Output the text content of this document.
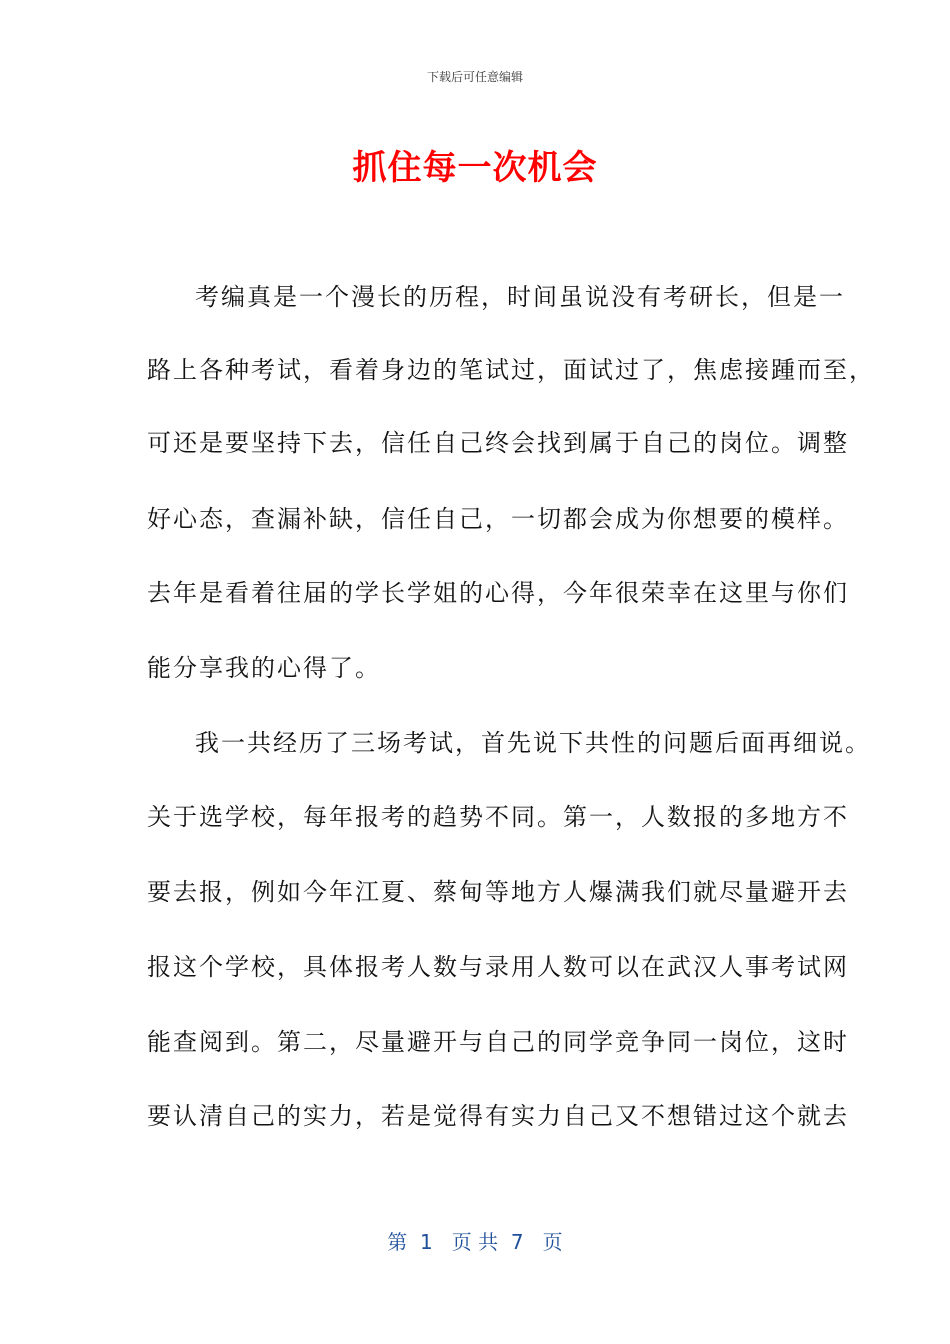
下载后可任意编辑
抓住每一次机会
考编真是一个漫长的历程，时间虽说没有考研长，但是一
路上各种考试，看着身边的笔试过，面试过了，焦虑接踵而至，
可还是要坚持下去，信任自己终会找到属于自己的岗位。调整
好心态，查漏补缺，信任自己，一切都会成为你想要的模样。
去年是看着往届的学长学姐的心得，今年很荣幸在这里与你们
能分享我的心得了。
我一共经历了三场考试，首先说下共性的问题后面再细说。
关于选学校，每年报考的趋势不同。第一，人数报的多地方不
要去报，例如今年江夏、蔡甸等地方人爆满我们就尽量避开去
报这个学校，具体报考人数与录用人数可以在武汉人事考试网
能查阅到。第二，尽量避开与自己的同学竞争同一岗位，这时
要认清自己的实力，若是觉得有实力自己又不想错过这个就去
第  1   页 共  7   页
